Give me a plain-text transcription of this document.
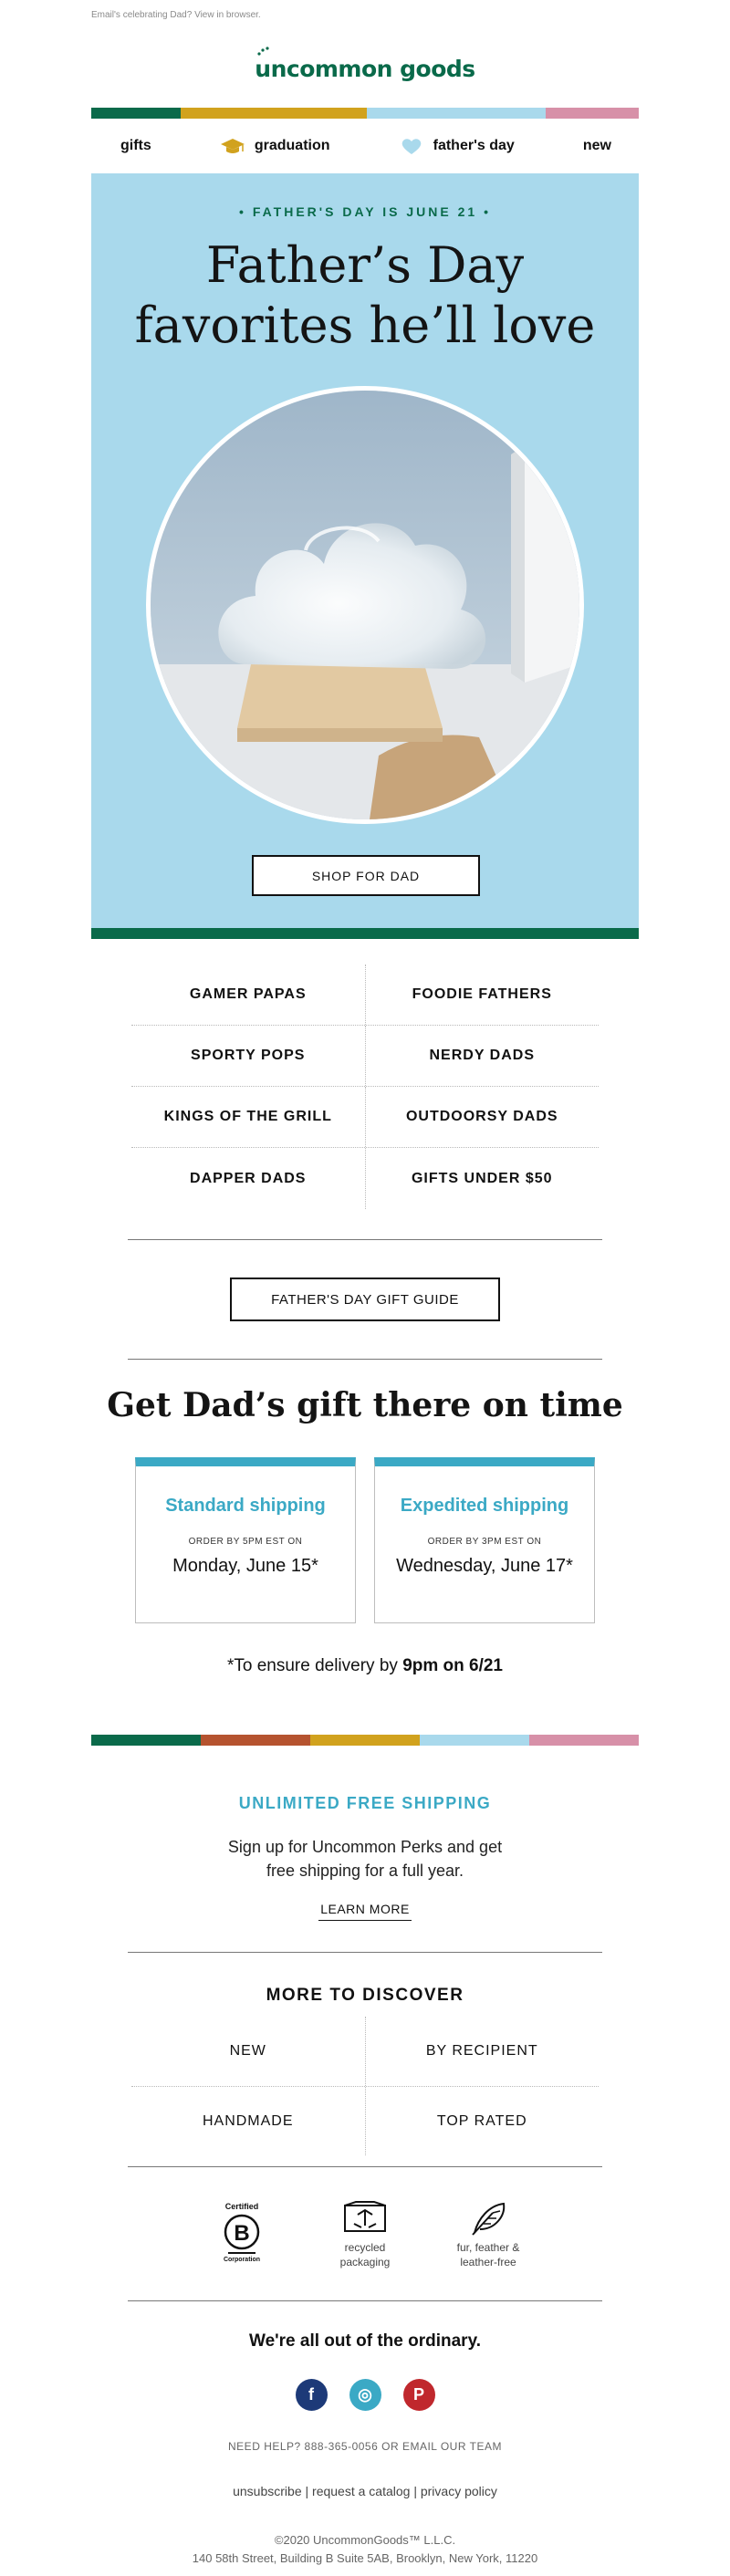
Email's celebrating Dad? View in browser.
uncommon goods
gifts	graduation	father's day	new
• FATHER'S DAY IS JUNE 21 •
Father’s Day
favorites he’ll love
SHOP FOR DAD
GAMER PAPAS	FOODIE FATHERS
SPORTY POPS	NERDY DADS
KINGS OF THE GRILL	OUTDOORSY DADS
DAPPER DADS	GIFTS UNDER $50
FATHER'S DAY GIFT GUIDE
Get Dad’s gift there on time
Standard shipping
ORDER BY 5PM EST ON
Monday, June 15*
Expedited shipping
ORDER BY 3PM EST ON
Wednesday, June 17*
*To ensure delivery by 9pm on 6/21
UNLIMITED FREE SHIPPING
Sign up for Uncommon Perks and get
free shipping for a full year.
LEARN MORE
MORE TO DISCOVER
NEW	BY RECIPIENT
HANDMADE	TOP RATED
Certified
B
Corporation
recycled
packaging
fur, feather &
leather-free
We're all out of the ordinary.
f	◎	P
NEED HELP? 888-365-0056 OR EMAIL OUR TEAM
unsubscribe | request a catalog | privacy policy
©2020 UncommonGoods™ L.L.C.
140 58th Street, Building B Suite 5AB, Brooklyn, New York, 11220
